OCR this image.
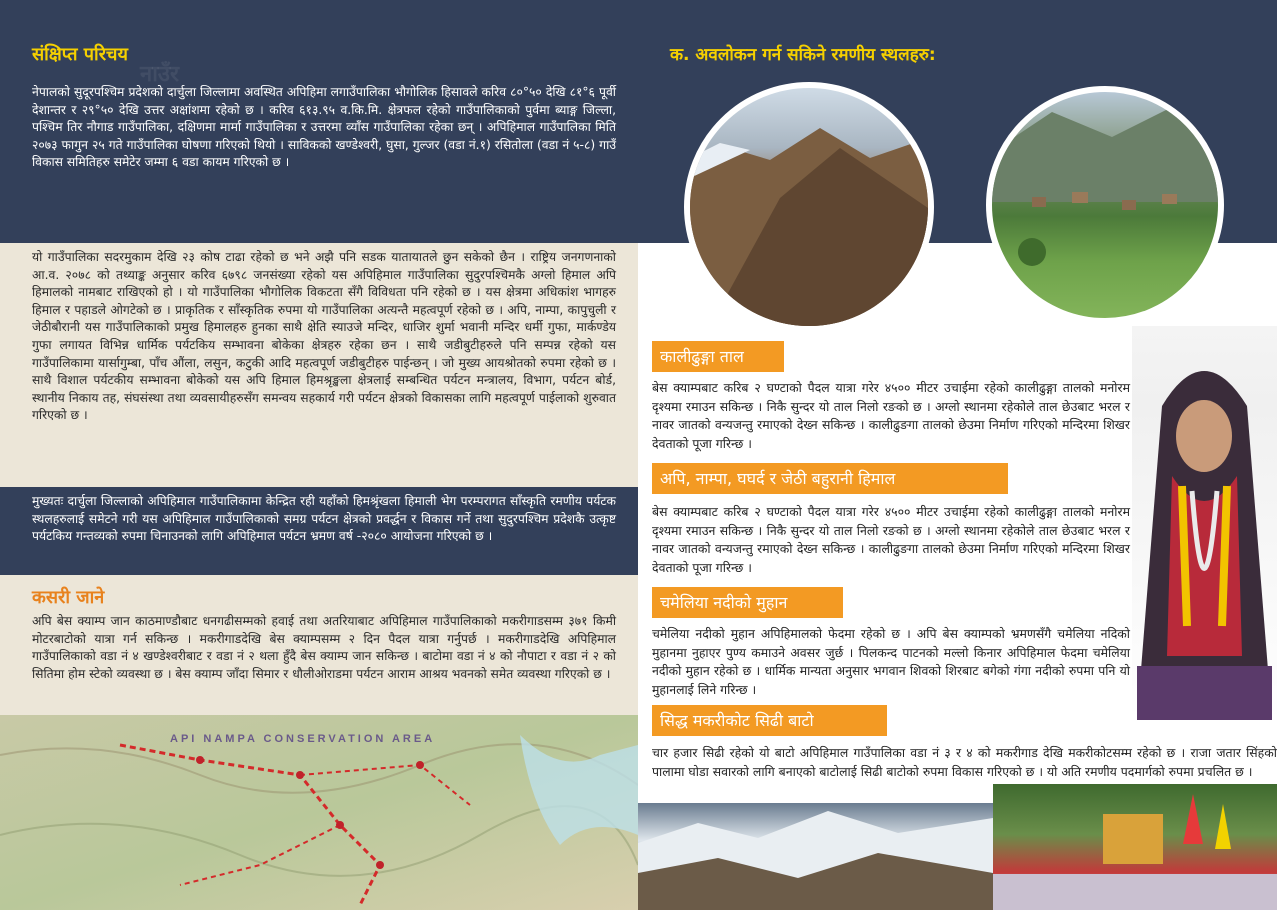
नाउँर
संक्षिप्त परिचय

नेपालको सुदूरपश्चिम प्रदेशको दार्चुला जिल्लामा अवस्थित अपिहिमा लगाउँपालिका भौगोलिक हिसावले करिव ८०°५० देखि ८१°६ पूर्वी देशान्तर र २९°५० देखि उत्तर अक्षांशमा रहेको छ । करिव ६१३.९५ व.कि.मि. क्षेत्रफल रहेको गाउँपालिकाको पुर्वमा ब्याङ्ग जिल्ला, पश्चिम तिर नौगाड गाउँपालिका, दक्षिणमा मार्मा गाउँपालिका र उत्तरमा व्याँस गाउँपालिका रहेका छन् । अपिहिमाल गाउँपालिका मिति २०७३ फागुन २५ गते गाउँपालिका घोषणा गरिएको थियो । साविकको खण्डेश्वरी, घुसा, गुल्जर (वडा नं.१) रसितोला (वडा नं ५-८) गाउँ विकास समितिहरु समेटेर जम्मा ६ वडा कायम गरिएको छ ।

यो गाउँपालिका सदरमुकाम देखि २३ कोष टाढा रहेको छ भने अझै पनि सडक यातायातले छुन सकेको छैन । राष्ट्रिय जनगणनाको आ.व. २०७८ को तथ्याङ्क अनुसार करिव ६७९८ जनसंख्या रहेको यस अपिहिमाल गाउँपालिका सुदुरपश्चिमकै अग्लो हिमाल अपि हिमालको नामबाट राखिएको हो । यो गाउँपालिका भौगोलिक विकटता सँगै विविधता पनि रहेको छ । यस क्षेत्रमा अधिकांश भागहरु हिमाल र पहाडले ओगटेको छ । प्राकृतिक र साँस्कृतिक रुपमा यो गाउँपालिका अत्यन्तै महत्वपूर्ण रहेको छ । अपि, नाम्पा, कापुचुली र जेठीबौरानी यस गाउँपालिकाको प्रमुख हिमालहरु हुनका साथै क्षेति स्याउजे मन्दिर, धाजिर शुर्मा भवानी मन्दिर धर्मी गुफा, मार्कण्डेय गुफा लगायत विभिन्न धार्मिक पर्यटकिय सम्भावना बोकेका क्षेत्रहरु रहेका छन । साथै जडीबुटीहरुले पनि सम्पन्न रहेको यस गाउँपालिकामा यार्सागुम्बा, पाँच औंला, लसुन, कटुकी आदि महत्वपूर्ण जडीबुटीहरु पाईन्छन् । जो मुख्य आयश्रोतको रुपमा रहेको छ । साथै विशाल पर्यटकीय सम्भावना बोकेको यस अपि हिमाल हिमश्रृङ्खला क्षेत्रलाई सम्बन्धित पर्यटन मन्त्रालय, विभाग, पर्यटन बोर्ड, स्थानीय निकाय तह, संघसंस्था तथा व्यवसायीहरुसँग समन्वय सहकार्य गरी पर्यटन क्षेत्रको विकासका लागि महत्वपूर्ण पाईलाको शुरुवात गरिएको छ ।

मुख्यतः दार्चुला जिल्लाको अपिहिमाल गाउँपालिकामा केन्द्रित रही यहाँको हिमश्रृंखला हिमाली भेग परम्परागत साँस्कृति रमणीय पर्यटक स्थलहरुलाई समेटने गरी यस अपिहिमाल गाउँपालिकाको समग्र पर्यटन क्षेत्रको प्रवर्द्धन र विकास गर्ने तथा सुदुरपश्चिम प्रदेशकै उत्कृष्ट पर्यटकिय गन्तव्यको रुपमा चिनाउनको लागि अपिहिमाल पर्यटन भ्रमण वर्ष -२०८० आयोजना गरिएको छ ।

कसरी जाने

अपि बेस क्याम्प जान काठमाण्डौबाट धनगढीसम्मको हवाई तथा अतरियाबाट अपिहिमाल गाउँपालिकाको मकरीगाडसम्म ३७१ किमी मोटरबाटोको यात्रा गर्न सकिन्छ । मकरीगाडदेखि बेस क्याम्पसम्म २ दिन पैदल यात्रा गर्नुपर्छ । मकरीगाडदेखि अपिहिमाल गाउँपालिकाको वडा नं ४ खण्डेश्वरीबाट र वडा नं २ थला हुँदै बेस क्याम्प जान सकिन्छ । बाटोमा वडा नं ४ को नौपाटा र वडा नं २ को सितिमा होम स्टेको व्यवस्था छ । बेस क्याम्प जाँदा सिमार र धौलीओराडमा पर्यटन आराम आश्रय भवनको समेत व्यवस्था गरिएको छ ।

API NAMPA CONSERVATION AREA
क. अवलोकन गर्न सकिने रमणीय स्थलहरु:
कालीढुङ्गा ताल

बेस क्याम्पबाट करिब २ घण्टाको पैदल यात्रा गरेर ४५०० मीटर उचाईमा रहेको कालीढुङ्गा तालको मनोरम दृश्यमा रमाउन सकिन्छ । निकै सुन्दर यो ताल निलो रङको छ । अग्लो स्थानमा रहेकोले ताल छेउबाट भरल र नावर जातको वन्यजन्तु रमाएको देख्न सकिन्छ । कालीढुङगा तालको छेउमा निर्माण गरिएको मन्दिरमा शिखर देवताको पूजा गरिन्छ ।

अपि, नाम्पा, घघर्द र जेठी बहुरानी हिमाल

बेस क्याम्पबाट करिब २ घण्टाको पैदल यात्रा गरेर ४५०० मीटर उचाईमा रहेको कालीढुङ्गा तालको मनोरम दृश्यमा रमाउन सकिन्छ । निकै सुन्दर यो ताल निलो रङको छ । अग्लो स्थानमा रहेकोले ताल छेउबाट भरल र नावर जातको वन्यजन्तु रमाएको देख्न सकिन्छ । कालीढुङगा तालको छेउमा निर्माण गरिएको मन्दिरमा शिखर देवताको पूजा गरिन्छ ।

चमेलिया नदीको मुहान

चमेलिया नदीको मुहान अपिहिमालको फेदमा रहेको छ । अपि बेस क्याम्पको भ्रमणसँगै चमेलिया नदिको मुहानमा नुहाएर पुण्य कमाउने अवसर जुर्छ । पिलकन्द पाटनको मल्लो किनार अपिहिमाल फेदमा चमेलिया नदीको मुहान रहेको छ । धार्मिक मान्यता अनुसार भगवान शिवको शिरबाट बगेको गंगा नदीको रुपमा पनि यो मुहानलाई लिने गरिन्छ ।

सिद्ध मकरीकोट सिढी बाटो

चार हजार सिढी रहेको यो बाटो अपिहिमाल गाउँपालिका वडा नं ३ र ४ को मकरीगाड देखि मकरीकोटसम्म रहेको छ । राजा जतार सिंहको पालामा घोडा सवारको लागि बनाएको बाटोलाई सिढी बाटोको रुपमा विकास गरिएको छ । यो अति रमणीय पदमार्गको रुपमा प्रचलित छ ।
